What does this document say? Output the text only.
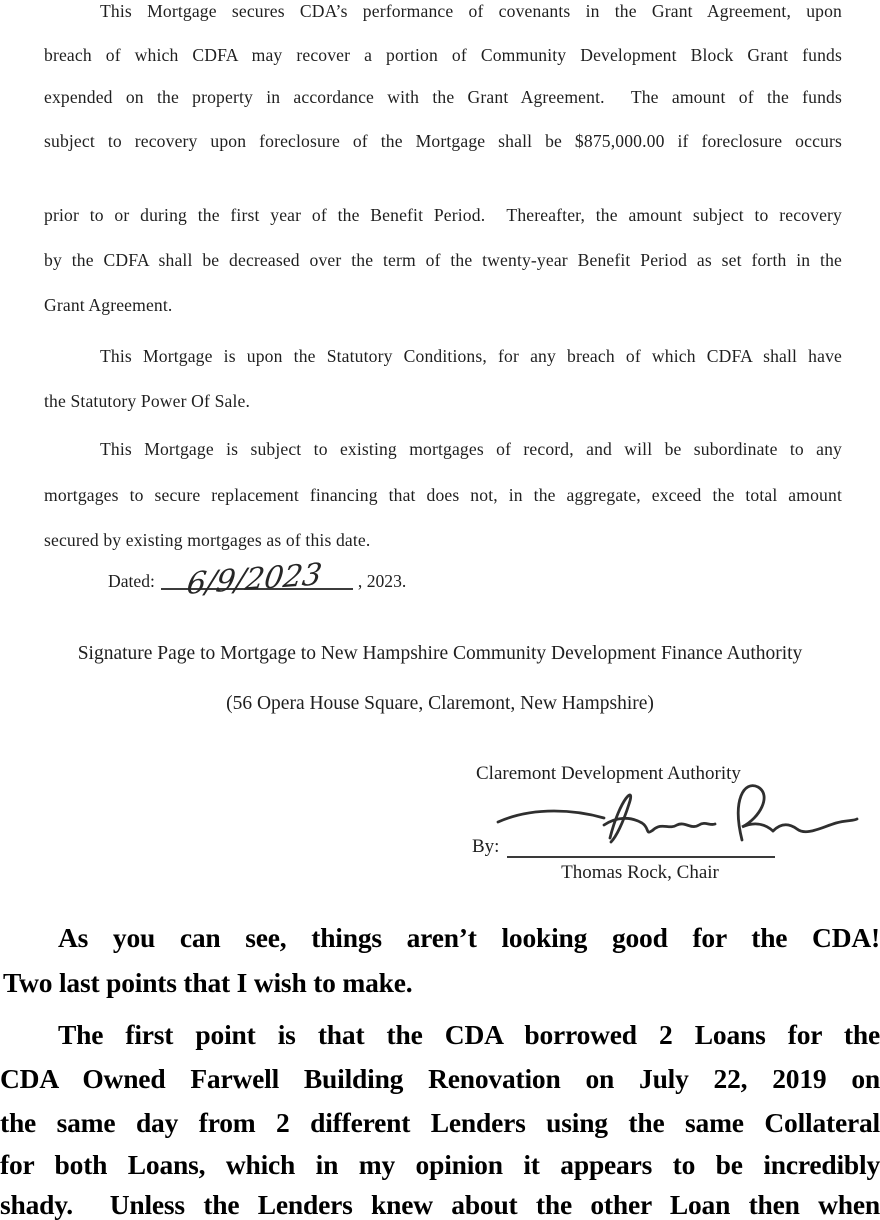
This Mortgage secures CDA’s performance of covenants in the Grant Agreement, upon
breach of which CDFA may recover a portion of Community Development Block Grant funds
expended on the property in accordance with the Grant Agreement.  The amount of the funds
subject to recovery upon foreclosure of the Mortgage shall be $875,000.00 if foreclosure occurs
prior to or during the first year of the Benefit Period.  Thereafter, the amount subject to recovery
by the CDFA shall be decreased over the term of the twenty-year Benefit Period as set forth in the
Grant Agreement.
This Mortgage is upon the Statutory Conditions, for any breach of which CDFA shall have
the Statutory Power Of Sale.
This Mortgage is subject to existing mortgages of record, and will be subordinate to any
mortgages to secure replacement financing that does not, in the aggregate, exceed the total amount
secured by existing mortgages as of this date.
Dated: 6/9/2023 , 2023.
Signature Page to Mortgage to New Hampshire Community Development Finance Authority
(56 Opera House Square, Claremont, New Hampshire)
Claremont Development Authority
By:
Thomas Rock, Chair
As you can see, things aren’t looking good for the CDA!
Two last points that I wish to make.
The first point is that the CDA borrowed 2 Loans for the
CDA Owned Farwell Building Renovation on July 22, 2019 on
the same day from 2 different Lenders using the same Collateral
for both Loans, which in my opinion it appears to be incredibly
shady.  Unless the Lenders knew about the other Loan then when
